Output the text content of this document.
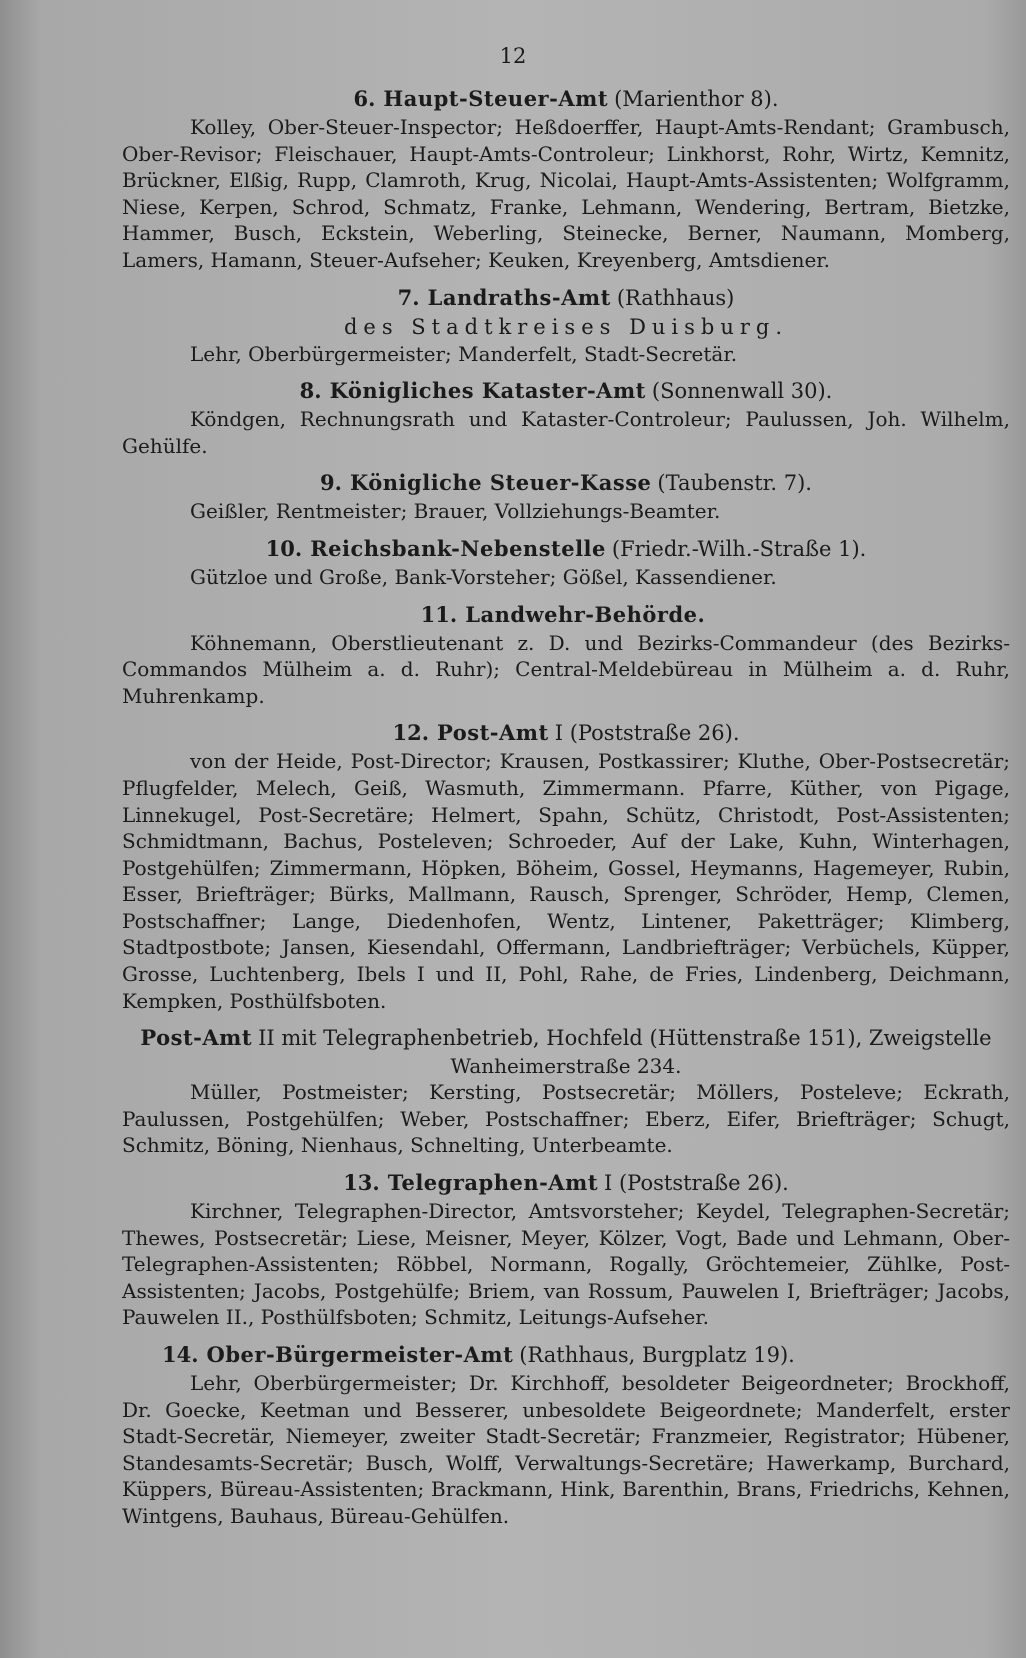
12

6. Haupt-Steuer-Amt (Marienthor 8).

Kolley, Ober-Steuer-Inspector; Heßdoerffer, Haupt-Amts-Rendant; Grambusch, Ober-Revisor; Fleischauer, Haupt-Amts-Controleur; Linkhorst, Rohr, Wirtz, Kemnitz, Brückner, Elßig, Rupp, Clamroth, Krug, Nicolai, Haupt-Amts-Assistenten; Wolfgramm, Niese, Kerpen, Schrod, Schmatz, Franke, Lehmann, Wendering, Bertram, Bietzke, Hammer, Busch, Eckstein, Weberling, Steinecke, Berner, Naumann, Momberg, Lamers, Hamann, Steuer-Aufseher; Keuken, Kreyenberg, Amtsdiener.

7. Landraths-Amt (Rathhaus)

des Stadtkreises Duisburg.

Lehr, Oberbürgermeister; Manderfelt, Stadt-Secretär.

8. Königliches Kataster-Amt (Sonnenwall 30).

Köndgen, Rechnungsrath und Kataster-Controleur; Paulussen, Joh. Wilhelm, Gehülfe.

9. Königliche Steuer-Kasse (Taubenstr. 7).

Geißler, Rentmeister; Brauer, Vollziehungs-Beamter.

10. Reichsbank-Nebenstelle (Friedr.-Wilh.-Straße 1).

Gützloe und Große, Bank-Vorsteher; Gößel, Kassendiener.

11. Landwehr-Behörde.

Köhnemann, Oberstlieutenant z. D. und Bezirks-Commandeur (des Bezirks-Commandos Mülheim a. d. Ruhr); Central-Meldebüreau in Mülheim a. d. Ruhr, Muhrenkamp.

12. Post-Amt I (Poststraße 26).

von der Heide, Post-Director; Krausen, Postkassirer; Kluthe, Ober-Postsecretär; Pflugfelder, Melech, Geiß, Wasmuth, Zimmermann. Pfarre, Küther, von Pigage, Linnekugel, Post-Secretäre; Helmert, Spahn, Schütz, Christodt, Post-Assistenten; Schmidtmann, Bachus, Posteleven; Schroeder, Auf der Lake, Kuhn, Winterhagen, Postgehülfen; Zimmermann, Höpken, Böheim, Gossel, Heymanns, Hagemeyer, Rubin, Esser, Briefträger; Bürks, Mallmann, Rausch, Sprenger, Schröder, Hemp, Clemen, Postschaffner; Lange, Diedenhofen, Wentz, Lintener, Paketträger; Klimberg, Stadtpostbote; Jansen, Kiesendahl, Offermann, Landbriefträger; Verbüchels, Küpper, Grosse, Luchtenberg, Ibels I und II, Pohl, Rahe, de Fries, Lindenberg, Deichmann, Kempken, Posthülfsboten.

Post-Amt II mit Telegraphenbetrieb, Hochfeld (Hüttenstraße 151), Zweigstelle

Wanheimerstraße 234.

Müller, Postmeister; Kersting, Postsecretär; Möllers, Posteleve; Eckrath, Paulussen, Postgehülfen; Weber, Postschaffner; Eberz, Eifer, Briefträger; Schugt, Schmitz, Böning, Nienhaus, Schnelting, Unterbeamte.

13. Telegraphen-Amt I (Poststraße 26).

Kirchner, Telegraphen-Director, Amtsvorsteher; Keydel, Telegraphen-Secretär; Thewes, Postsecretär; Liese, Meisner, Meyer, Kölzer, Vogt, Bade und Lehmann, Ober-Telegraphen-Assistenten; Röbbel, Normann, Rogally, Gröchtemeier, Zühlke, Post-Assistenten; Jacobs, Postgehülfe; Briem, van Rossum, Pauwelen I, Briefträger; Jacobs, Pauwelen II., Posthülfsboten; Schmitz, Leitungs-Aufseher.

14. Ober-Bürgermeister-Amt (Rathhaus, Burgplatz 19).

Lehr, Oberbürgermeister; Dr. Kirchhoff, besoldeter Beigeordneter; Brockhoff, Dr. Goecke, Keetman und Besserer, unbesoldete Beigeordnete; Manderfelt, erster Stadt-Secretär, Niemeyer, zweiter Stadt-Secretär; Franzmeier, Registrator; Hübener, Standesamts-Secretär; Busch, Wolff, Verwaltungs-Secretäre; Hawerkamp, Burchard, Küppers, Büreau-Assistenten; Brackmann, Hink, Barenthin, Brans, Friedrichs, Kehnen, Wintgens, Bauhaus, Büreau-Gehülfen.
